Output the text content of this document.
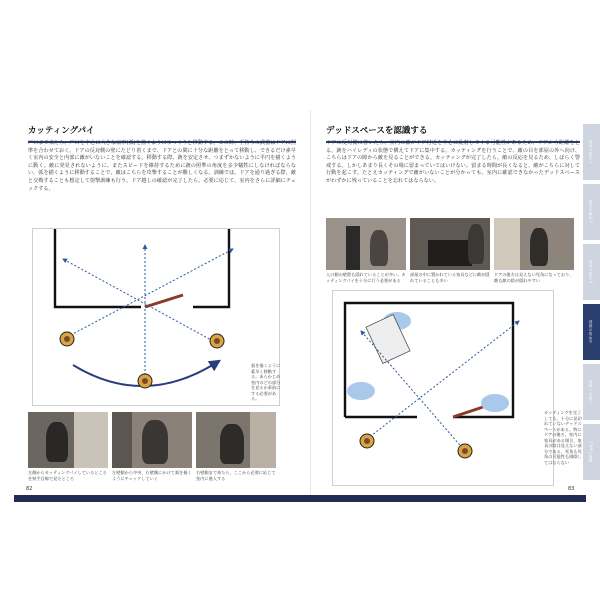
カッティングパイ
戸口まで来たら、戸口を中心に大きな扇形(弧)を描くようにゆっくりと移動する。この時、手持ちの武器はドアに照準を合わせておく。ドアの反対側の壁にたどり着くまで、ドアとの間に十分な距離をとって移動し、できるだけ素早く室内の安全と内部に敵がいないことを確認する。移動する際、銃を安定させ、つまずかないように半円を描くように動く。敵に発見されないように、またスピードを維持するために銃の照準の角度を多少犠牲にしなければならない。弧を描くように移動することで、敵はこちらを攻撃することが難しくなる。訓練では、ドアを通り過ぎる際、敵と交戦することも想定して射撃訓練も行う。ドア越しの確認が完了したら、必要に応じて、室内をさらに詳細にチェックする。
弧を描くように素早く移動する。あらかじめ室内のどの部分を見るか事前にする必要がある。
左側からカッティングパイしているところを射手目線で見たところ
左壁側から中央、右壁側にかけて弧を描くようにチェックしていく
右壁側まで来たら、ここから必要に応じて室内に進入する
デッドスペースを認識する
ドアの反対側に着いたら、室内の敵がドア付近を中心に乱射してくる可能性があるため、ドアから距離をとる。銃をハイレディの状態で構えてドアに集中する。カッティングを行うことで、敵の目を部屋の外へ向け、こちらはドアの隙から敵を見ることができる。カッティングが完了したら、敵の反応を見るため、しばらく警戒する。しかしあまり長くその場に留まっていてはいけない。留まる時間が長くなると、敵がこちらに対して行動を起こす。たとえカッティングで敵がいないことが分かっても、室内に確認できなかったデッドスペースがわずかに残っていることを忘れてはならない。
入口側の壁際も隠れていることが多い。カッティングパイを十分に行う必要がある
部屋の中に置かれている家具などに敵が隠れていることも多い
ドアの後方は見えない死角になっており、敵も敵の陰が隠れやすい
カッティングを完了しても、十分に見切れていないデッドスペースがある。特にドアの後ろ、室内に家具がある場合、家具の陰は見えない部分である。死角も死角の可能性も排除してはならない
82	83
屋内の制圧 1
屋内の制圧 2
屋内の制圧 3
部屋の攻め方
建物への進入
CQBの訓練
